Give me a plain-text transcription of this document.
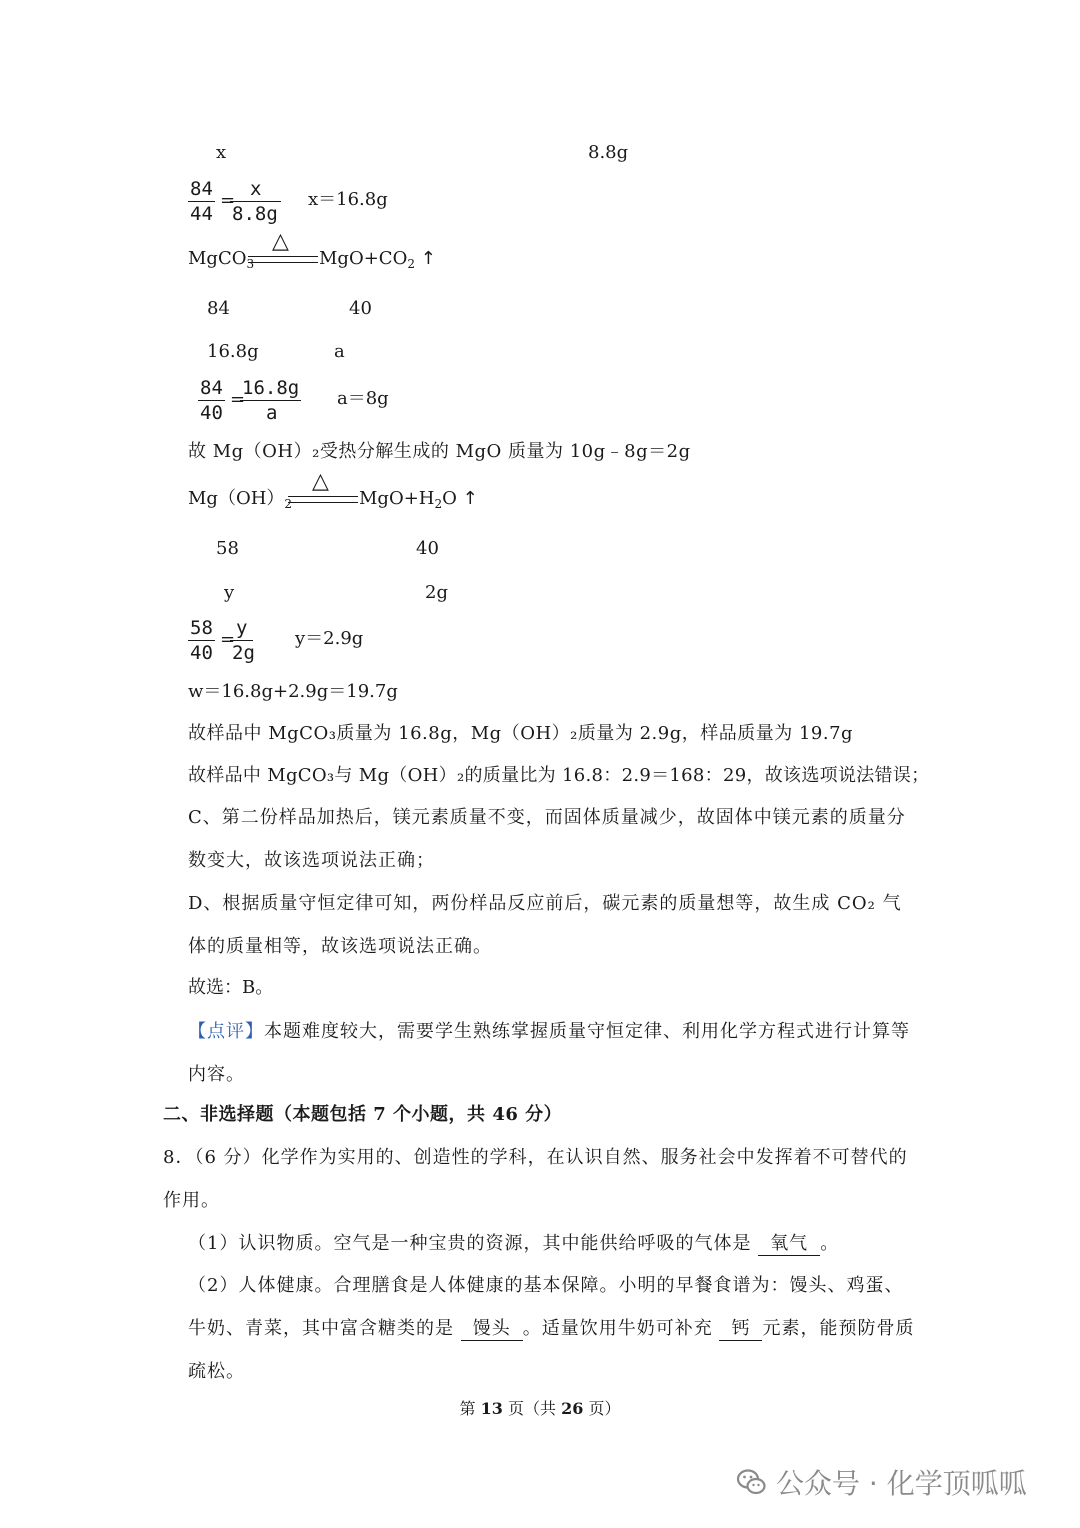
x	8.8g
$\frac{84}{44}$ =
$\frac{x}{8.8g} x=16.8g$
MgCO$_3$
△
$MgO+CO_2$ ↑
84	40
16.8g	a
$\frac{84}{40}$ =
$\frac{16.8g}{a} a=8g$
故 Mg（OH）₂受热分解生成的 MgO 质量为 10g﹣8g＝2g
$Mg(OH)_2$
△
$MgO+H_2O$ ↑
58	40
y	2g
$\frac{58}{40}$ =
$\frac{y}{2g} y=2.9g$
w＝16.8g+2.9g＝19.7g
故样品中 MgCO₃质量为 16.8g，Mg（OH）₂质量为 2.9g，样品质量为 19.7g
故样品中 MgCO₃与 Mg（OH）₂的质量比为 16.8：2.9＝168：29，故该选项说法错误；
C、第二份样品加热后，镁元素质量不变，而固体质量减少，故固体中镁元素的质量分数变大，故该选项说法正确；
D、根据质量守恒定律可知，两份样品反应前后，碳元素的质量想等，故生成 CO₂ 气体的质量相等，故该选项说法正确。
故选：B。
【点评】本题难度较大，需要学生熟练掌握质量守恒定律、利用化学方程式进行计算等内容。
二、非选择题（本题包括 7 个小题，共 46 分）
8．（6 分）化学作为实用的、创造性的学科，在认识自然、服务社会中发挥着不可替代的作用。
（1）认识物质。空气是一种宝贵的资源，其中能供给呼吸的气体是 氧气 。
（2）人体健康。合理膳食是人体健康的基本保障。小明的早餐食谱为：馒头、鸡蛋、牛奶、青菜，其中富含糖类的是 馒头 。适量饮用牛奶可补充 钙 元素，能预防骨质疏松。
第 13 页（共 26 页）
公众号 · 化学顶呱呱
